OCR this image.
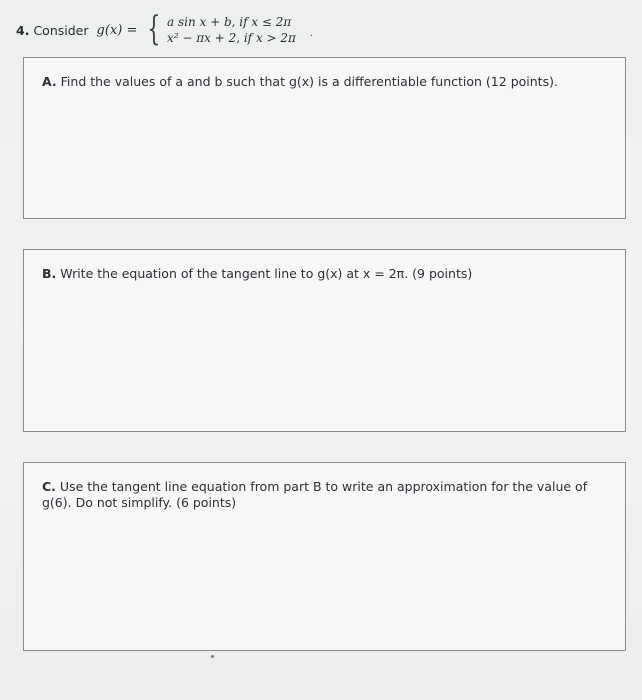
4. Consider g(x) = { a sin x + b, if x ≤ 2π
x² − πx + 2, if x > 2π .
A. Find the values of a and b such that g(x) is a differentiable function (12 points).
B. Write the equation of the tangent line to g(x) at x = 2π. (9 points)
C. Use the tangent line equation from part B to write an approximation for the value of g(6). Do not simplify. (6 points)
